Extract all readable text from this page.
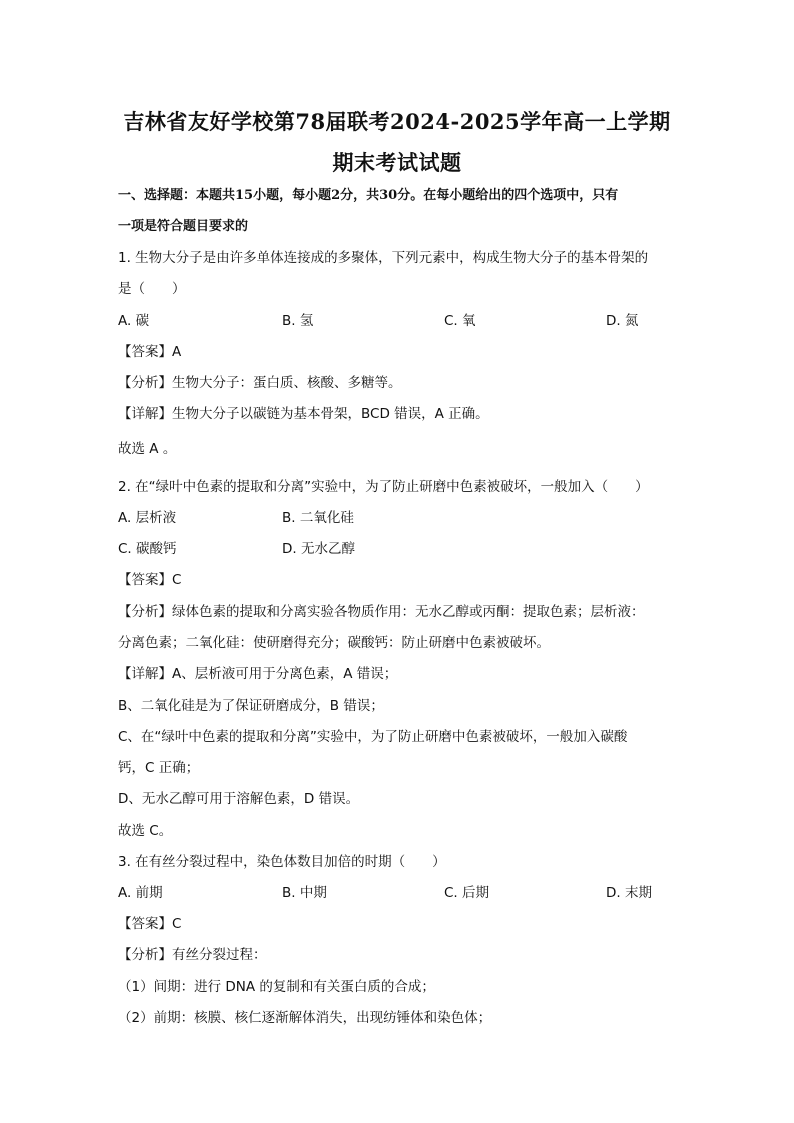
吉林省友好学校第78届联考2024-2025学年高一上学期
期末考试试题
一、选择题：本题共15小题，每小题2分，共30分。在每小题给出的四个选项中，只有
一项是符合题目要求的
1. 生物大分子是由许多单体连接成的多聚体，下列元素中，构成生物大分子的基本骨架的
是（　　）
A. 碳	B. 氢	C. 氧	D. 氮
【答案】A
【分析】生物大分子：蛋白质、核酸、多糖等。
【详解】生物大分子以碳链为基本骨架，BCD 错误，A 正确。
故选 A 。
2. 在“绿叶中色素的提取和分离”实验中，为了防止研磨中色素被破坏，一般加入（　　）
A. 层析液	B. 二氧化硅
C. 碳酸钙	D. 无水乙醇
【答案】C
【分析】绿体色素的提取和分离实验各物质作用：无水乙醇或丙酮：提取色素；层析液：
分离色素；二氧化硅：使研磨得充分；碳酸钙：防止研磨中色素被破坏。
【详解】A、层析液可用于分离色素，A 错误；
B、二氧化硅是为了保证研磨成分，B 错误；
C、在“绿叶中色素的提取和分离”实验中，为了防止研磨中色素被破坏，一般加入碳酸
钙，C 正确；
D、无水乙醇可用于溶解色素，D 错误。
故选 C。
3. 在有丝分裂过程中，染色体数目加倍的时期（　　）
A. 前期	B. 中期	C. 后期	D. 末期
【答案】C
【分析】有丝分裂过程：
（1）间期：进行 DNA 的复制和有关蛋白质的合成；
（2）前期：核膜、核仁逐渐解体消失，出现纺锤体和染色体；
